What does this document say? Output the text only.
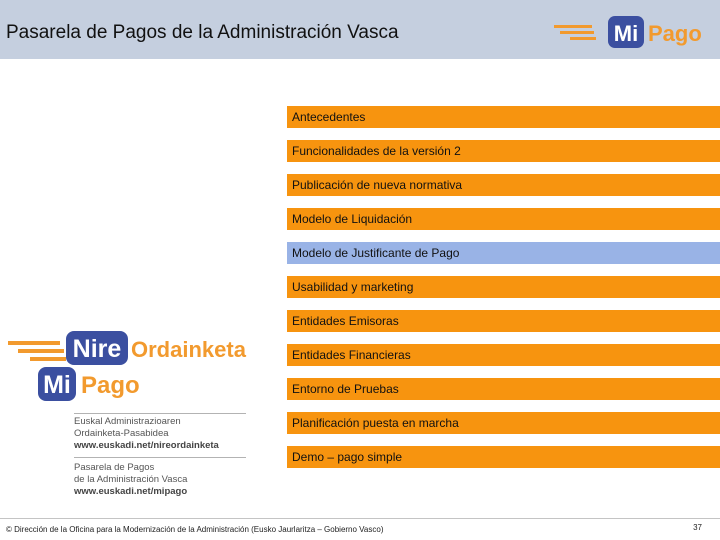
Pasarela de Pagos de la Administración Vasca	Mi Pago
Antecedentes
Funcionalidades de la versión 2
Publicación de nueva normativa
Modelo de Liquidación
Modelo de Justificante de Pago
Usabilidad y marketing
Entidades Emisoras
Entidades Financieras
Entorno de Pruebas
Planificación puesta en marcha
Demo – pago simple
Nire Ordainketa
Mi Pago
Euskal Administrazioaren
Ordainketa-Pasabidea
www.euskadi.net/nireordainketa
Pasarela de Pagos
de la Administración Vasca
www.euskadi.net/mipago
© Dirección de la Oficina para la Modernización de la Administración (Eusko Jaurlaritza – Gobierno Vasco)	37
